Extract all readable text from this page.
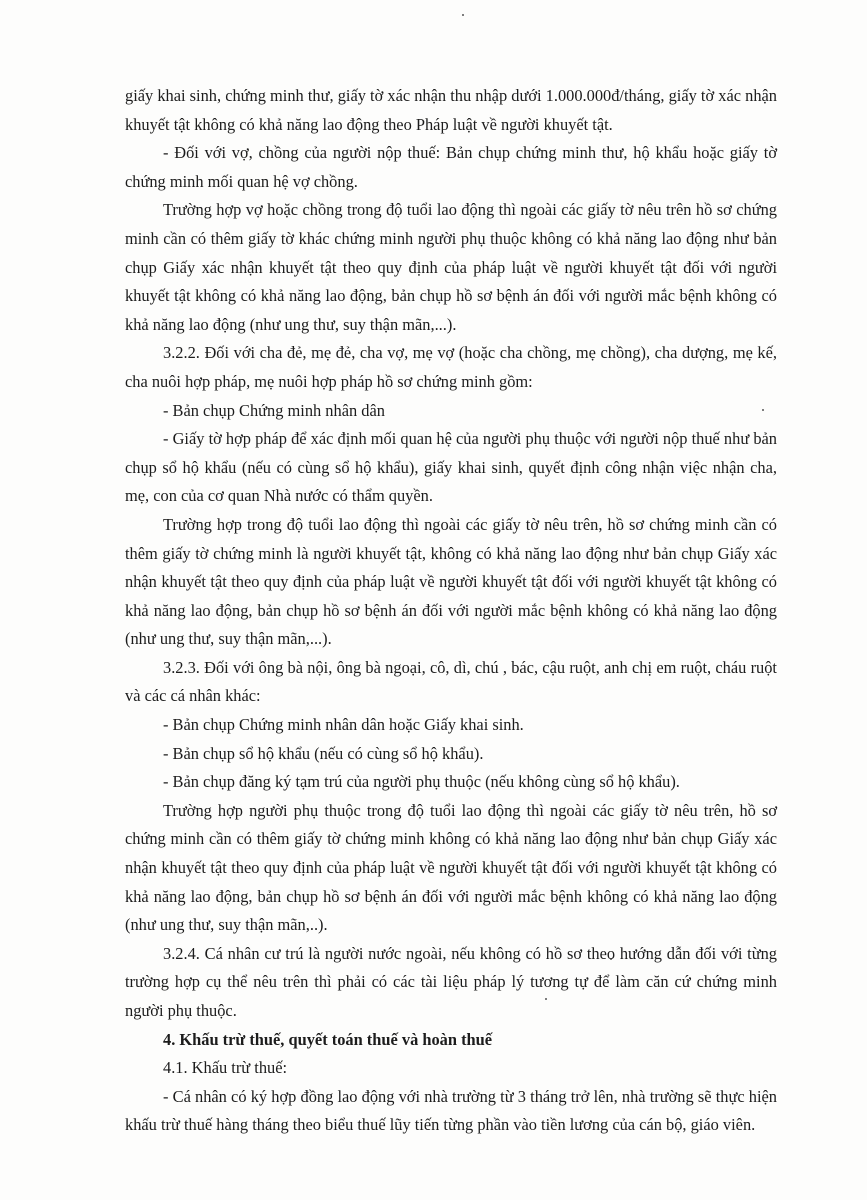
giấy khai sinh, chứng minh thư, giấy tờ xác nhận thu nhập dưới 1.000.000đ/tháng, giấy tờ xác nhận khuyết tật không có khả năng lao động theo Pháp luật về người khuyết tật.

- Đối với vợ, chồng của người nộp thuế: Bản chụp chứng minh thư, hộ khẩu hoặc giấy tờ chứng minh mối quan hệ vợ chồng.

Trường hợp vợ hoặc chồng trong độ tuổi lao động thì ngoài các giấy tờ nêu trên hồ sơ chứng minh cần có thêm giấy tờ khác chứng minh người phụ thuộc không có khả năng lao động như bản chụp Giấy xác nhận khuyết tật theo quy định của pháp luật về người khuyết tật đối với người khuyết tật không có khả năng lao động, bản chụp hồ sơ bệnh án đối với người mắc bệnh không có khả năng lao động (như ung thư, suy thận mãn,...).

3.2.2. Đối với cha đẻ, mẹ đẻ, cha vợ, mẹ vợ (hoặc cha chồng, mẹ chồng), cha dượng, mẹ kế, cha nuôi hợp pháp, mẹ nuôi hợp pháp hồ sơ chứng minh gồm:

- Bản chụp Chứng minh nhân dân

- Giấy tờ hợp pháp để xác định mối quan hệ của người phụ thuộc với người nộp thuế như bản chụp sổ hộ khẩu (nếu có cùng sổ hộ khẩu), giấy khai sinh, quyết định công nhận việc nhận cha, mẹ, con của cơ quan Nhà nước có thẩm quyền.

Trường hợp trong độ tuổi lao động thì ngoài các giấy tờ nêu trên, hồ sơ chứng minh cần có thêm giấy tờ chứng minh là người khuyết tật, không có khả năng lao động như bản chụp Giấy xác nhận khuyết tật theo quy định của pháp luật về người khuyết tật đối với người khuyết tật không có khả năng lao động, bản chụp hồ sơ bệnh án đối với người mắc bệnh không có khả năng lao động (như ung thư, suy thận mãn,...).

3.2.3. Đối với ông bà nội, ông bà ngoại, cô, dì, chú , bác, cậu ruột, anh chị em ruột, cháu ruột và các cá nhân khác:

- Bản chụp Chứng minh nhân dân hoặc Giấy khai sinh.

- Bản chụp sổ hộ khẩu (nếu có cùng sổ hộ khẩu).

- Bản chụp đăng ký tạm trú của người phụ thuộc (nếu không cùng sổ hộ khẩu).

Trường hợp người phụ thuộc trong độ tuổi lao động thì ngoài các giấy tờ nêu trên, hồ sơ chứng minh cần có thêm giấy tờ chứng minh không có khả năng lao động như bản chụp Giấy xác nhận khuyết tật theo quy định của pháp luật về người khuyết tật đối với người khuyết tật không có khả năng lao động, bản chụp hồ sơ bệnh án đối với người mắc bệnh không có khả năng lao động (như ung thư, suy thận mãn,..).

3.2.4. Cá nhân cư trú là người nước ngoài, nếu không có hồ sơ theo hướng dẫn đối với từng trường hợp cụ thể nêu trên thì phải có các tài liệu pháp lý tương tự để làm căn cứ chứng minh người phụ thuộc.

4. Khấu trừ thuế, quyết toán thuế và hoàn thuế

4.1. Khấu trừ thuế:

- Cá nhân có ký hợp đồng lao động với nhà trường từ 3 tháng trở lên, nhà trường sẽ thực hiện khấu trừ thuế hàng tháng theo biểu thuế lũy tiến từng phần vào tiền lương của cán bộ, giáo viên.
